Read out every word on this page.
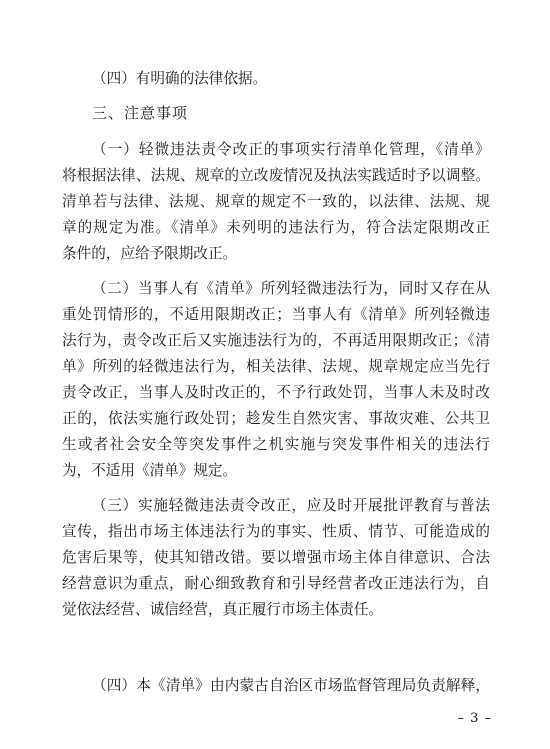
（四）有明确的法律依据。
三、注意事项
（一）轻微违法责令改正的事项实行清单化管理，《清单》
将根据法律、法规、规章的立改废情况及执法实践适时予以调整。
清单若与法律、法规、规章的规定不一致的，以法律、法规、规
章的规定为准。《清单》未列明的违法行为，符合法定限期改正
条件的，应给予限期改正。
（二）当事人有《清单》所列轻微违法行为，同时又存在从
重处罚情形的，不适用限期改正；当事人有《清单》所列轻微违
法行为，责令改正后又实施违法行为的，不再适用限期改正；《清
单》所列的轻微违法行为，相关法律、法规、规章规定应当先行
责令改正，当事人及时改正的，不予行政处罚，当事人未及时改
正的，依法实施行政处罚；趁发生自然灾害、事故灾难、公共卫
生或者社会安全等突发事件之机实施与突发事件相关的违法行
为，不适用《清单》规定。
（三）实施轻微违法责令改正，应及时开展批评教育与普法
宣传，指出市场主体违法行为的事实、性质、情节、可能造成的
危害后果等，使其知错改错。要以增强市场主体自律意识、合法
经营意识为重点，耐心细致教育和引导经营者改正违法行为，自
觉依法经营、诚信经营，真正履行市场主体责任。
（四）本《清单》由内蒙古自治区市场监督管理局负责解释，
– 3 –
